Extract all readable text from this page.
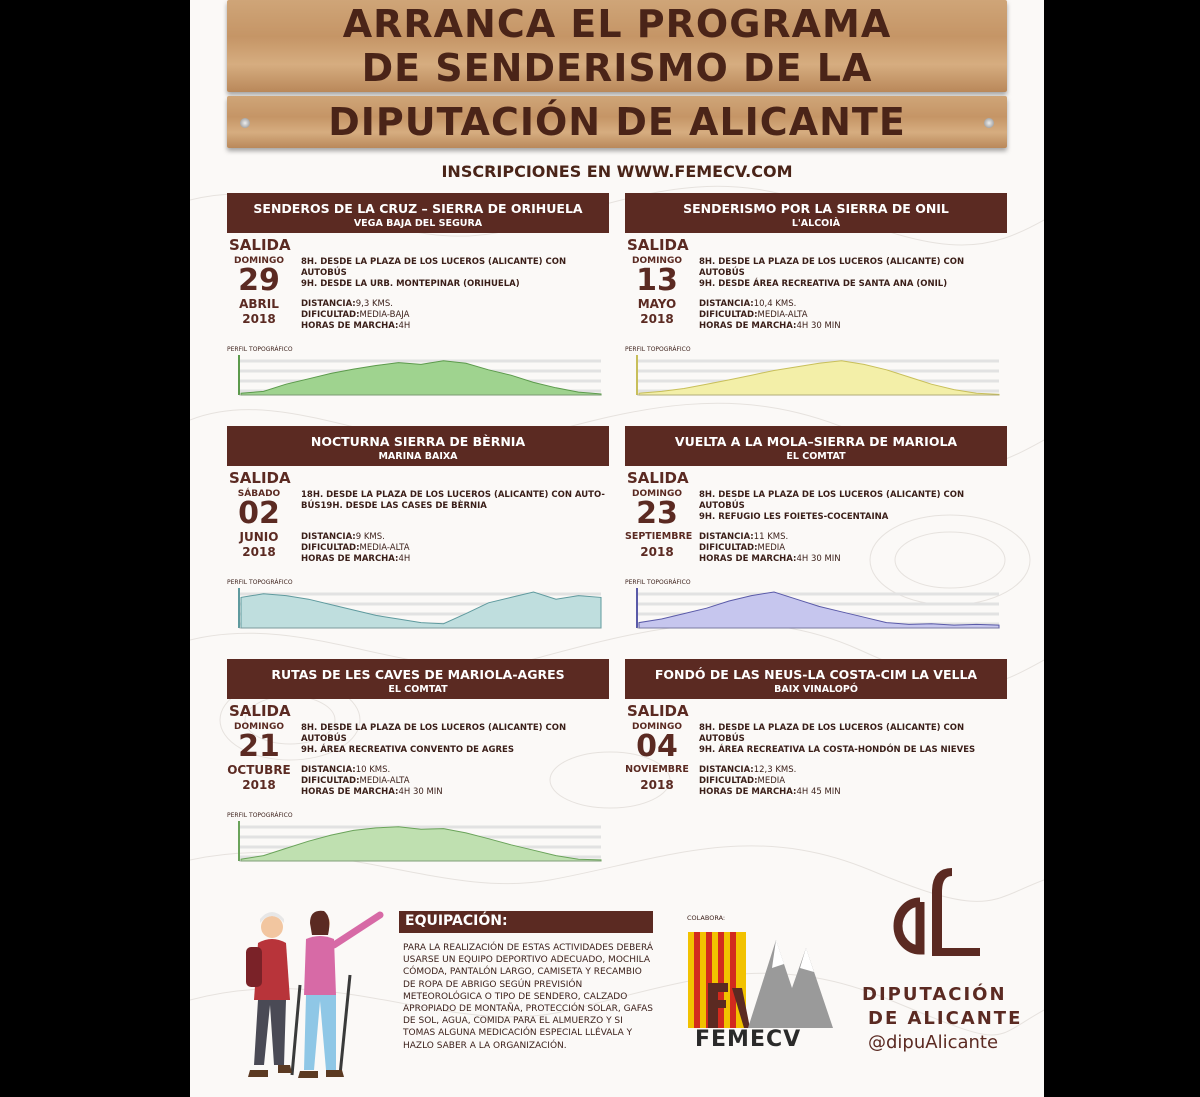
ARRANCA EL PROGRAMA
DE SENDERISMO DE LA
DIPUTACIÓN DE ALICANTE
INSCRIPCIONES EN WWW.FEMECV.COM
SENDEROS DE LA CRUZ – SIERRA DE ORIHUELA
VEGA BAJA DEL SEGURA
SALIDA
DOMINGO
29
ABRIL
2018
8H. DESDE LA PLAZA DE LOS LUCEROS (ALICANTE) CON AUTOBÚS
9H. DESDE LA URB. MONTEPINAR (ORIHUELA)
DISTANCIA:9,3 KMS.
DIFICULTAD:MEDIA-BAJA
HORAS DE MARCHA:4H
PERFIL TOPOGRÁFICO
SENDERISMO POR LA SIERRA DE ONIL
L'ALCOIÀ
SALIDA
DOMINGO
13
MAYO
2018
8H. DESDE LA PLAZA DE LOS LUCEROS (ALICANTE) CON AUTOBÚS
9H. DESDE ÁREA RECREATIVA DE SANTA ANA (ONIL)
DISTANCIA:10,4 KMS.
DIFICULTAD:MEDIA-ALTA
HORAS DE MARCHA:4H 30 MIN
PERFIL TOPOGRÁFICO
NOCTURNA SIERRA DE BÈRNIA
MARINA BAIXA
SALIDA
SÁBADO
02
JUNIO
2018
18H. DESDE LA PLAZA DE LOS LUCEROS (ALICANTE) CON AUTO-
BÚS19H. DESDE LAS CASES DE BÈRNIA
DISTANCIA:9 KMS.
DIFICULTAD:MEDIA-ALTA
HORAS DE MARCHA:4H
PERFIL TOPOGRÁFICO
VUELTA A LA MOLA–SIERRA DE MARIOLA
EL COMTAT
SALIDA
DOMINGO
23
SEPTIEMBRE
2018
8H. DESDE LA PLAZA DE LOS LUCEROS (ALICANTE) CON AUTOBÚS
9H. REFUGIO LES FOIETES-COCENTAINA
DISTANCIA:11 KMS.
DIFICULTAD:MEDIA
HORAS DE MARCHA:4H 30 MIN
PERFIL TOPOGRÁFICO
RUTAS DE LES CAVES DE MARIOLA-AGRES
EL COMTAT
SALIDA
DOMINGO
21
OCTUBRE
2018
8H. DESDE LA PLAZA DE LOS LUCEROS (ALICANTE) CON AUTOBÚS
9H. ÁREA RECREATIVA CONVENTO DE AGRES
DISTANCIA:10 KMS.
DIFICULTAD:MEDIA-ALTA
HORAS DE MARCHA:4H 30 MIN
PERFIL TOPOGRÁFICO
FONDÓ DE LAS NEUS-LA COSTA-CIM LA VELLA
BAIX VINALOPÓ
SALIDA
DOMINGO
04
NOVIEMBRE
2018
8H. DESDE LA PLAZA DE LOS LUCEROS (ALICANTE) CON AUTOBÚS
9H. ÁREA RECREATIVA LA COSTA-HONDÓN DE LAS NIEVES
DISTANCIA:12,3 KMS.
DIFICULTAD:MEDIA
HORAS DE MARCHA:4H 45 MIN
EQUIPACIÓN:
PARA LA REALIZACIÓN DE ESTAS ACTIVIDADES DEBERÁ USARSE UN EQUIPO DEPORTIVO ADECUADO, MOCHILA CÓMODA, PANTALÓN LARGO, CAMISETA Y RECAMBIO DE ROPA DE ABRIGO SEGÚN PREVISIÓN METEOROLÓGICA O TIPO DE SENDERO, CALZADO APROPIADO DE MONTAÑA, PROTECCIÓN SOLAR, GAFAS DE SOL, AGUA, COMIDA PARA EL ALMUERZO Y SI TOMAS ALGUNA MEDICACIÓN ESPECIAL LLÉVALA Y HAZLO SABER A LA ORGANIZACIÓN.
COLABORA:
FEMECV
DIPUTACIÓN
DE ALICANTE
@dipuAlicante
